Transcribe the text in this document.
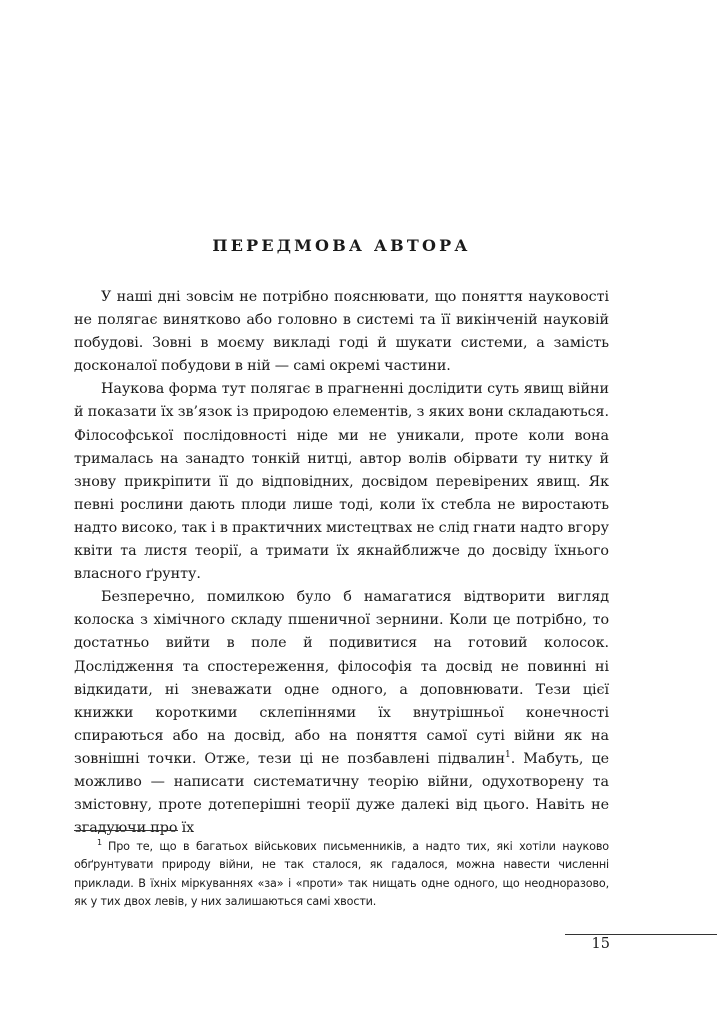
ПЕРЕДМОВА АВТОРА

У наші дні зовсім не потрібно пояснювати, що поняття науковості не полягає винятково або головно в системі та її викінченій науковій побудові. Зовні в моєму викладі годі й шукати системи, а замість досконалої побудови в ній — самі окремі частини.

Наукова форма тут полягає в прагненні дослідити суть явищ війни й показати їх зв’язок із природою елементів, з яких вони складаються. Філософської послідовності ніде ми не уникали, проте коли вона трималась на занадто тонкій нитці, автор волів обірвати ту нитку й знову прикріпити її до відповідних, досвідом перевірених явищ. Як певні рослини дають плоди лише тоді, коли їх стебла не виростають надто високо, так і в практичних мистецтвах не слід гнати надто вгору квіти та листя теорії, а тримати їх якнайближче до досвіду їхнього власного ґрунту.

Безперечно, помилкою було б намагатися відтворити вигляд колоска з хімічного складу пшеничної зернини. Коли це потрібно, то достатньо вийти в поле й подивитися на готовий колосок. Дослідження та спостереження, філософія та досвід не повинні ні відкидати, ні зневажати одне одного, а доповнювати. Тези цієї книжки короткими склепіннями їх внутрішньої конечності спираються або на досвід, або на поняття самої суті війни як на зовнішні точки. Отже, тези ці не позбавлені підвалин$^1$. Мабуть, це можливо — написати систематичну теорію війни, одухотворену та змістовну, проте дотеперішні теорії дуже далекі від цього. Навіть не згадуючи про їх

$^1$ Про те, що в багатьох військових письменників, а надто тих, які хотіли науково обґрунтувати природу війни, не так сталося, як гадалося, можна навести численні приклади. В їхніх міркуваннях «за» і «проти» так нищать одне одного, що неодноразово, як у тих двох левів, у них залишаються самі хвости.

15
